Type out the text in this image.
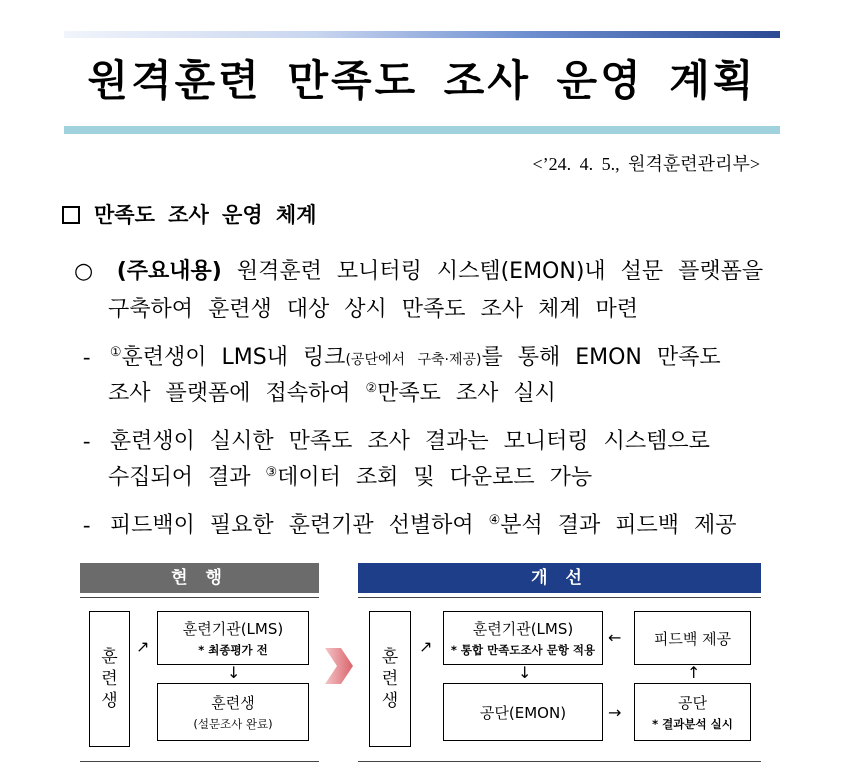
원격훈련 만족도 조사 운영 계획
<’24. 4. 5., 원격훈련관리부>
만족도 조사 운영 체계
○ (주요내용) 원격훈련 모니터링 시스템(EMON)내 설문 플랫폼을
구축하여 훈련생 대상 상시 만족도 조사 체계 마련
- ①훈련생이 LMS내 링크(공단에서 구축·제공)를 통해 EMON 만족도
조사 플랫폼에 접속하여 ②만족도 조사 실시
- 훈련생이 실시한 만족도 조사 결과는 모니터링 시스템으로
수집되어 결과 ③데이터 조회 및 다운로드 가능
- 피드백이 필요한 훈련기관 선별하여 ④분석 결과 피드백 제공
현 행
훈
련
생
↗
훈련기관(LMS)
* 최종평가 전
↓
훈련생
(설문조사 완료)
개 선
훈
련
생
↗
훈련기관(LMS)
* 통합 만족도조사 문항 적용
← 피드백 제공
↓	↑
공단(EMON)	→	공단
* 결과분석 실시
